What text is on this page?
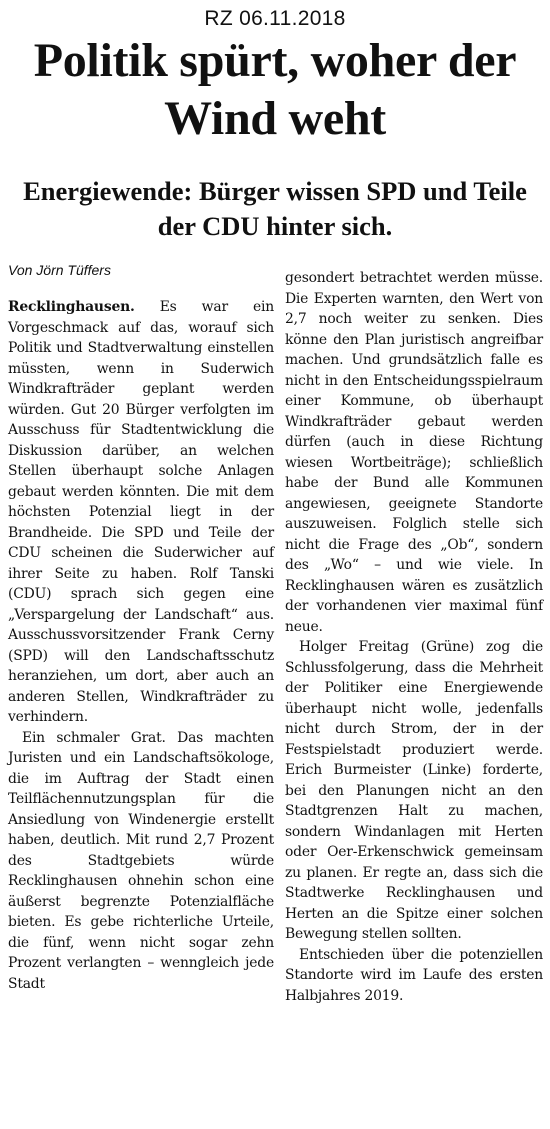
RZ 06.11.2018
Politik spürt, woher der Wind weht
Energiewende: Bürger wissen SPD und Teile der CDU hinter sich.
Von Jörn Tüffers

Recklinghausen. Es war ein Vorgeschmack auf das, worauf sich Politik und Stadtverwaltung einstellen müssten, wenn in Suderwich Windkrafträder geplant werden würden. Gut 20 Bürger verfolgten im Ausschuss für Stadtentwicklung die Diskussion darüber, an welchen Stellen überhaupt solche Anlagen gebaut werden könnten. Die mit dem höchsten Potenzial liegt in der Brandheide. Die SPD und Teile der CDU scheinen die Suderwicher auf ihrer Seite zu haben. Rolf Tanski (CDU) sprach sich gegen eine „Verspargelung der Landschaft“ aus. Ausschussvorsitzender Frank Cerny (SPD) will den Landschaftsschutz heranziehen, um dort, aber auch an anderen Stellen, Windkrafträder zu verhindern.

Ein schmaler Grat. Das machten Juristen und ein Landschaftsökologe, die im Auftrag der Stadt einen Teilflächennutzungsplan für die Ansiedlung von Windenergie erstellt haben, deutlich. Mit rund 2,7 Prozent des Stadtgebiets würde Recklinghausen ohnehin schon eine äußerst begrenzte Potenzialfläche bieten. Es gebe richterliche Urteile, die fünf, wenn nicht sogar zehn Prozent verlangten – wenngleich jede Stadt

gesondert betrachtet werden müsse. Die Experten warnten, den Wert von 2,7 noch weiter zu senken. Dies könne den Plan juristisch angreifbar machen. Und grundsätzlich falle es nicht in den Entscheidungsspielraum einer Kommune, ob überhaupt Windkrafträder gebaut werden dürfen (auch in diese Richtung wiesen Wortbeiträge); schließlich habe der Bund alle Kommunen angewiesen, geeignete Standorte auszuweisen. Folglich stelle sich nicht die Frage des „Ob“, sondern des „Wo“ – und wie viele. In Recklinghausen wären es zusätzlich der vorhandenen vier maximal fünf neue.

Holger Freitag (Grüne) zog die Schlussfolgerung, dass die Mehrheit der Politiker eine Energiewende überhaupt nicht wolle, jedenfalls nicht durch Strom, der in der Festspielstadt produziert werde. Erich Burmeister (Linke) forderte, bei den Planungen nicht an den Stadtgrenzen Halt zu machen, sondern Windanlagen mit Herten oder Oer-Erkenschwick gemeinsam zu planen. Er regte an, dass sich die Stadtwerke Recklinghausen und Herten an die Spitze einer solchen Bewegung stellen sollten.

Entschieden über die potenziellen Standorte wird im Laufe des ersten Halbjahres 2019.
